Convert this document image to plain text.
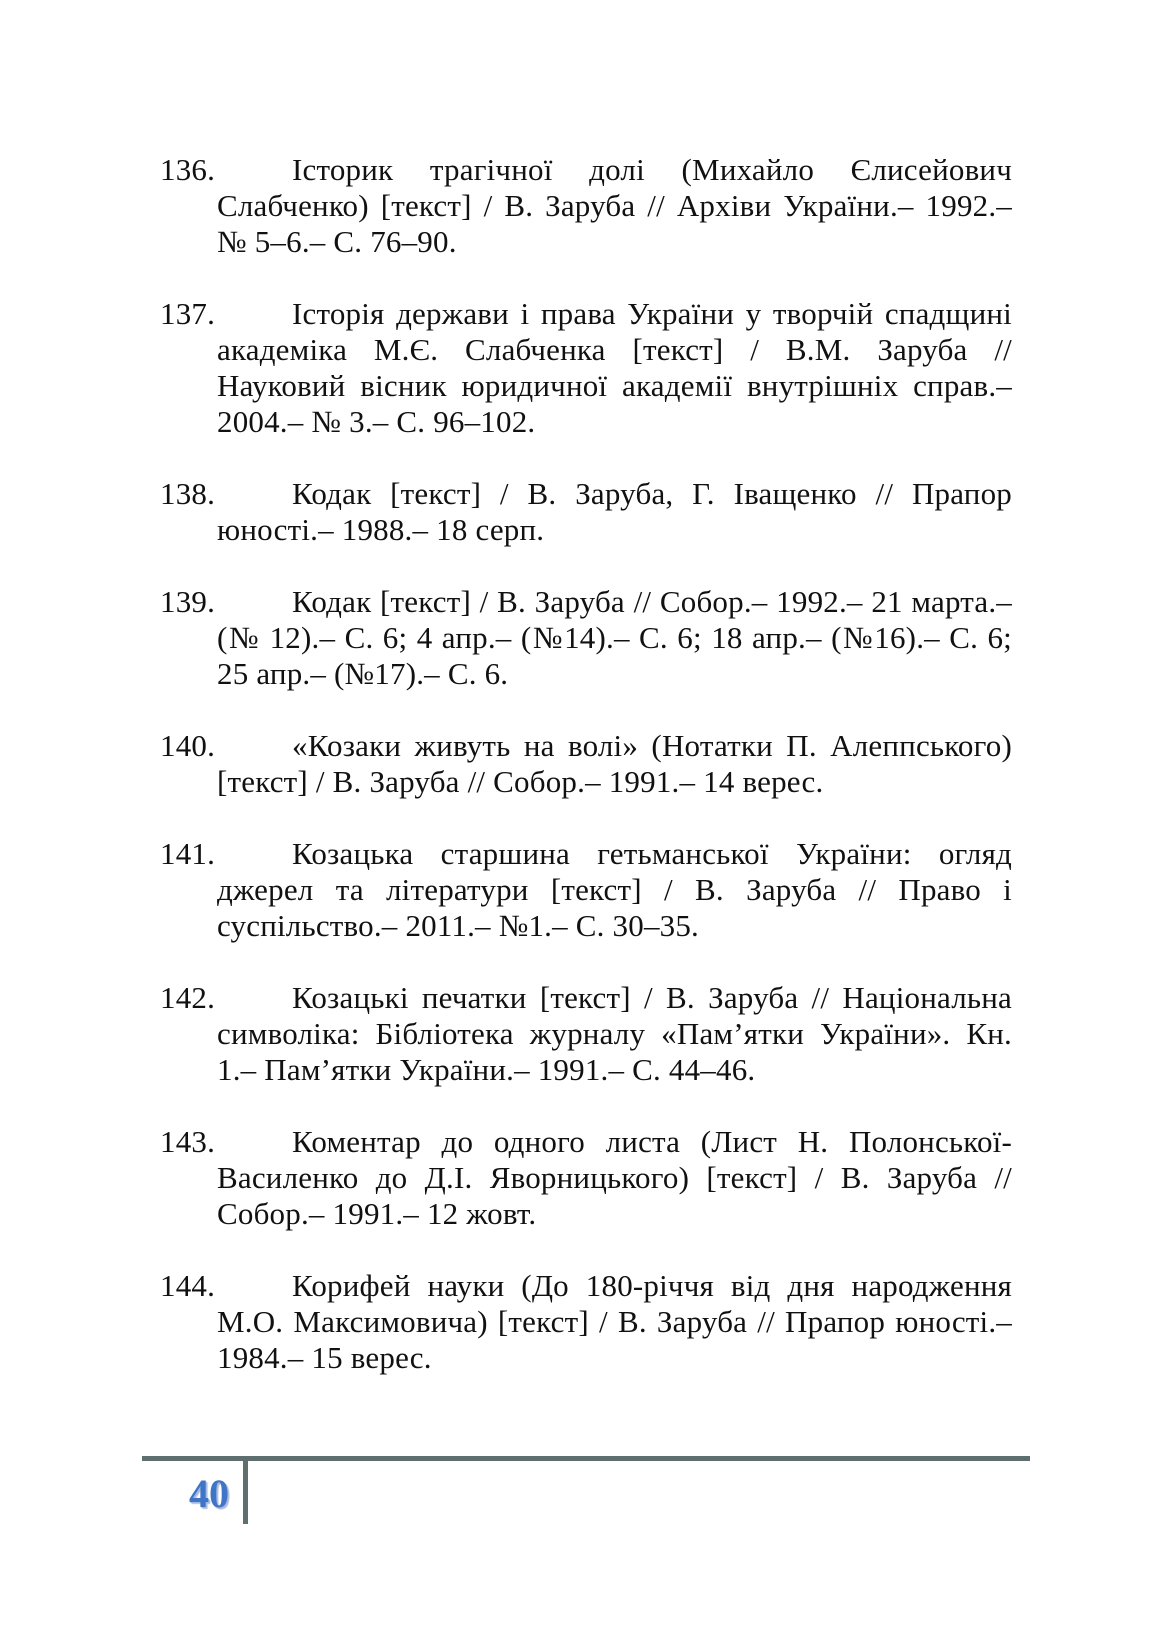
136.	Історик трагічної долі (Михайло Єлисейович Слабченко) [текст] / В. Заруба // Архіви України.– 1992.– № 5–6.– С. 76–90.
137.	Історія держави і права України у творчій спадщині академіка М.Є. Слабченка [текст] / В.М. Заруба // Науковий вісник юридичної академії внутрішніх справ.– 2004.– № 3.– С. 96–102.
138.	Кодак [текст] / В. Заруба, Г. Іващенко // Прапор юності.– 1988.– 18 серп.
139.	Кодак [текст] / В. Заруба // Собор.– 1992.– 21 марта.– (№ 12).– С. 6; 4 апр.– (№14).– С. 6; 18 апр.– (№16).– С. 6; 25 апр.– (№17).– С. 6.
140.	«Козаки живуть на волі» (Нотатки П. Алеппського) [текст] / В. Заруба // Собор.– 1991.– 14 верес.
141.	Козацька старшина гетьманської України: огляд джерел та літератури [текст] / В. Заруба // Право і суспільство.– 2011.– №1.– С. 30–35.
142.	Козацькі печатки [текст] / В. Заруба // Національна символіка: Бібліотека журналу «Пам’ятки України». Кн. 1.– Пам’ятки України.– 1991.– С. 44–46.
143.	Коментар до одного листа (Лист Н. Полонської-Василенко до Д.І. Яворницького) [текст] / В. Заруба // Собор.– 1991.– 12 жовт.
144.	Корифей науки (До 180-річчя від дня народження М.О. Максимовича) [текст] / В. Заруба // Прапор юності.– 1984.– 15 верес.
40
